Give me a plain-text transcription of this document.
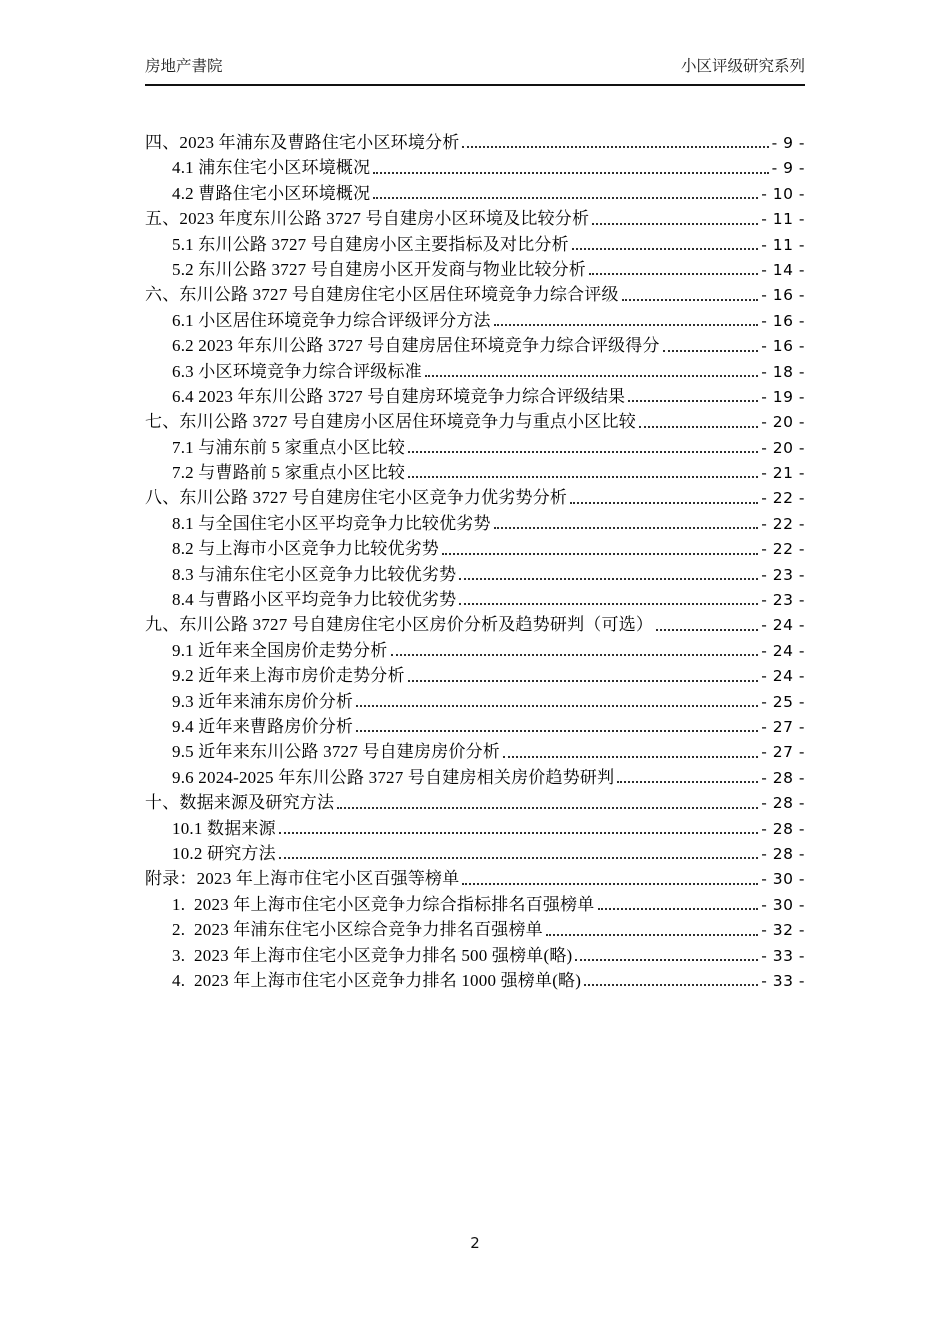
房地产書院	小区评级研究系列
四、2023 年浦东及曹路住宅小区环境分析	- 9 -
4.1 浦东住宅小区环境概况	- 9 -
4.2 曹路住宅小区环境概况	- 10 -
五、2023 年度东川公路 3727 号自建房小区环境及比较分析	- 11 -
5.1 东川公路 3727 号自建房小区主要指标及对比分析	- 11 -
5.2 东川公路 3727 号自建房小区开发商与物业比较分析	- 14 -
六、东川公路 3727 号自建房住宅小区居住环境竞争力综合评级	- 16 -
6.1 小区居住环境竞争力综合评级评分方法	- 16 -
6.2 2023 年东川公路 3727 号自建房居住环境竞争力综合评级得分	- 16 -
6.3 小区环境竞争力综合评级标准	- 18 -
6.4 2023 年东川公路 3727 号自建房环境竞争力综合评级结果	- 19 -
七、东川公路 3727 号自建房小区居住环境竞争力与重点小区比较	- 20 -
7.1 与浦东前 5 家重点小区比较	- 20 -
7.2 与曹路前 5 家重点小区比较	- 21 -
八、东川公路 3727 号自建房住宅小区竞争力优劣势分析	- 22 -
8.1 与全国住宅小区平均竞争力比较优劣势	- 22 -
8.2 与上海市小区竞争力比较优劣势	- 22 -
8.3 与浦东住宅小区竞争力比较优劣势	- 23 -
8.4 与曹路小区平均竞争力比较优劣势	- 23 -
九、东川公路 3727 号自建房住宅小区房价分析及趋势研判（可选）	- 24 -
9.1 近年来全国房价走势分析	- 24 -
9.2 近年来上海市房价走势分析	- 24 -
9.3 近年来浦东房价分析	- 25 -
9.4 近年来曹路房价分析	- 27 -
9.5 近年来东川公路 3727 号自建房房价分析	- 27 -
9.6 2024-2025 年东川公路 3727 号自建房相关房价趋势研判	- 28 -
十、数据来源及研究方法	- 28 -
10.1 数据来源	- 28 -
10.2 研究方法	- 28 -
附录：2023 年上海市住宅小区百强等榜单	- 30 -
1.  2023 年上海市住宅小区竞争力综合指标排名百强榜单	- 30 -
2.  2023 年浦东住宅小区综合竞争力排名百强榜单	- 32 -
3.  2023 年上海市住宅小区竞争力排名 500 强榜单(略)	- 33 -
4.  2023 年上海市住宅小区竞争力排名 1000 强榜单(略)	- 33 -
2
